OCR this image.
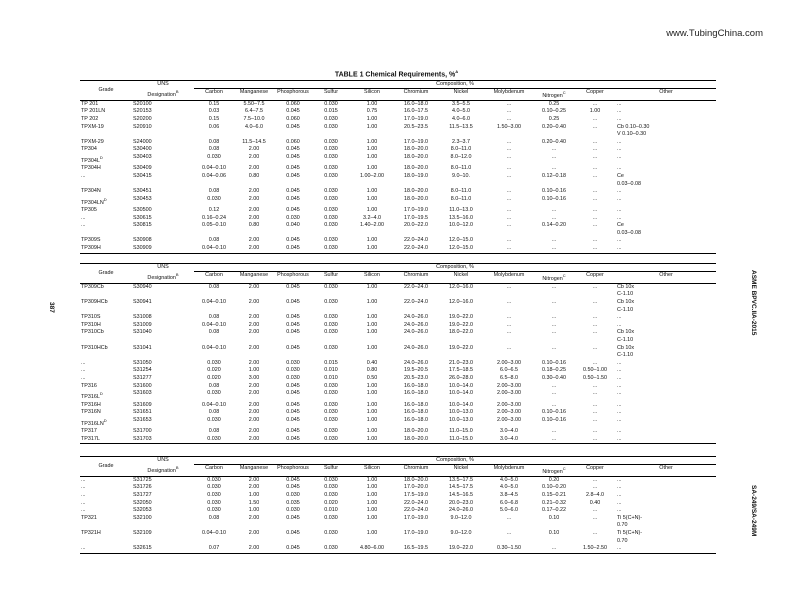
www.TubingChina.com
TABLE 1 Chemical Requirements, %$^A$
387	ASME BPVC.IIA-2015
SA-249/SA-249M
Grade	UNS
Designation$^B$	Composition, %										
		Carbon	Manganese	Phosphorous	Sulfur	Silicon	Chromium	Nickel	Molybdenum	Nitrogen$^C$	Copper	Other
TP 201	S20100	0.15	5.50–7.5	0.060	0.030	1.00	16.0–18.0	3.5–5.5	...	0.25	...	...
TP 201LN	S20153	0.03	6.4–7.5	0.045	0.015	0.75	16.0–17.5	4.0–5.0	...	0.10–0.25	1.00	...
TP 202	S20200	0.15	7.5–10.0	0.060	0.030	1.00	17.0–19.0	4.0–6.0	...	0.25	...	...
TPXM-19	S20910	0.06	4.0–6.0	0.045	0.030	1.00	20.5–23.5	11.5–13.5	1.50–3.00	0.20–0.40	...	Cb 0.10–0.30
												V 0.10–0.30
TPXM-29	S24000	0.08	11.5–14.5	0.060	0.030	1.00	17.0–19.0	2.3–3.7	...	0.20–0.40	...	...
TP304	S30400	0.08	2.00	0.045	0.030	1.00	18.0–20.0	8.0–11.0	...	...	...	...
$TP304L^D$	S30403	0.030	2.00	0.045	0.030	1.00	18.0–20.0	8.0–12.0	...	...	...	...
TP304H	S30409	0.04–0.10	2.00	0.045	0.030	1.00	18.0–20.0	8.0–11.0	...	...	...	...
...	S30415	0.04–0.06	0.80	0.045	0.030	1.00–2.00	18.0–19.0	9.0–10.	...	0.12–0.18	...	Ce
												0.03–0.08
TP304N	S30451	0.08	2.00	0.045	0.030	1.00	18.0–20.0	8.0–11.0	...	0.10–0.16	...	...
$TP304LN^D$	S30453	0.030	2.00	0.045	0.030	1.00	18.0–20.0	8.0–11.0	...	0.10–0.16	...	...
TP305	S30500	0.12	2.00	0.045	0.030	1.00	17.0–19.0	11.0–13.0	...	...	...	...
...	S30615	0.16–0.24	2.00	0.030	0.030	3.2–4.0	17.0–19.5	13.5–16.0	...	...	...	...
...	S30815	0.05–0.10	0.80	0.040	0.030	1.40–2.00	20.0–22.0	10.0–12.0	...	0.14–0.20	...	Ce
												0.03–0.08
TP309S	S30908	0.08	2.00	0.045	0.030	1.00	22.0–24.0	12.0–15.0	...	...	...	...
TP309H	S30909	0.04–0.10	2.00	0.045	0.030	1.00	22.0–24.0	12.0–15.0	...	...	...	...
Grade	UNS
Designation$^B$	Composition, %										
		Carbon	Manganese	Phosphorous	Sulfur	Silicon	Chromium	Nickel	Molybdenum	Nitrogen$^C$	Copper	Other
TP309Cb	S30940	0.08	2.00	0.045	0.030	1.00	22.0–24.0	12.0–16.0	...	...	...	Cb 10x
												C-1.10
TP309HCb	S30941	0.04–0.10	2.00	0.045	0.030	1.00	22.0–24.0	12.0–16.0	...	...	...	Cb 10x
												C-1.10
TP310S	S31008	0.08	2.00	0.045	0.030	1.00	24.0–26.0	19.0–22.0	...	...	...	...
TP310H	S31009	0.04–0.10	2.00	0.045	0.030	1.00	24.0–26.0	19.0–22.0	...	...	...	...
TP310Cb	S31040	0.08	2.00	0.045	0.030	1.00	24.0–26.0	18.0–22.0	...	...	...	Cb 10x
												C-1.10
TP310HCb	S31041	0.04–0.10	2.00	0.045	0.030	1.00	24.0–26.0	19.0–22.0	...	...	...	Cb 10x
												C-1.10
...	S31050	0.030	2.00	0.030	0.015	0.40	24.0–26.0	21.0–23.0	2.00–3.00	0.10–0.16	...	...
...	S31254	0.020	1.00	0.030	0.010	0.80	19.5–20.5	17.5–18.5	6.0–6.5	0.18–0.25	0.50–1.00	...
...	S31277	0.020	3.00	0.030	0.010	0.50	20.5–23.0	26.0–28.0	6.5–8.0	0.30–0.40	0.50–1.50	...
TP316	S31600	0.08	2.00	0.045	0.030	1.00	16.0–18.0	10.0–14.0	2.00–3.00	...	...	...
$TP316L^D$	S31603	0.030	2.00	0.045	0.030	1.00	16.0–18.0	10.0–14.0	2.00–3.00	...	...	...
TP316H	S31609	0.04–0.10	2.00	0.045	0.030	1.00	16.0–18.0	10.0–14.0	2.00–3.00	...	...	...
TP316N	S31651	0.08	2.00	0.045	0.030	1.00	16.0–18.0	10.0–13.0	2.00–3.00	0.10–0.16	...	...
$TP316LN^D$	S31653	0.030	2.00	0.045	0.030	1.00	16.0–18.0	10.0–13.0	2.00–3.00	0.10–0.16	...	...
TP317	S31700	0.08	2.00	0.045	0.030	1.00	18.0–20.0	11.0–15.0	3.0–4.0	...	...	...
TP317L	S31703	0.030	2.00	0.045	0.030	1.00	18.0–20.0	11.0–15.0	3.0–4.0	...	...	...
Grade	UNS
Designation$^B$	Composition, %										
		Carbon	Manganese	Phosphorous	Sulfur	Silicon	Chromium	Nickel	Molybdenum	Nitrogen$^C$	Copper	Other
...	S31725	0.030	2.00	0.045	0.030	1.00	18.0–20.0	13.5–17.5	4.0–5.0	0.20	...	...
...	S31726	0.030	2.00	0.045	0.030	1.00	17.0–20.0	14.5–17.5	4.0–5.0	0.10–0.20	...	...
...	S31727	0.030	1.00	0.030	0.030	1.00	17.5–19.0	14.5–16.5	3.8–4.5	0.15–0.21	2.8–4.0	...
...	S32050	0.030	1.50	0.035	0.020	1.00	22.0–24.0	20.0–23.0	6.0–6.8	0.21–0.32	0.40	...
...	S32053	0.030	1.00	0.030	0.010	1.00	22.0–24.0	24.0–26.0	5.0–6.0	0.17–0.22	...	...
TP321	S32100	0.08	2.00	0.045	0.030	1.00	17.0–19.0	9.0–12.0	...	0.10	...	Ti 5(C+N)-
												0.70
TP321H	S32109	0.04–0.10	2.00	0.045	0.030	1.00	17.0–19.0	9.0–12.0	...	0.10	...	Ti 5(C+N)-
												0.70
...	S32615	0.07	2.00	0.045	0.030	4.80–6.00	16.5–19.5	19.0–22.0	0.30–1.50	...	1.50–2.50	...
